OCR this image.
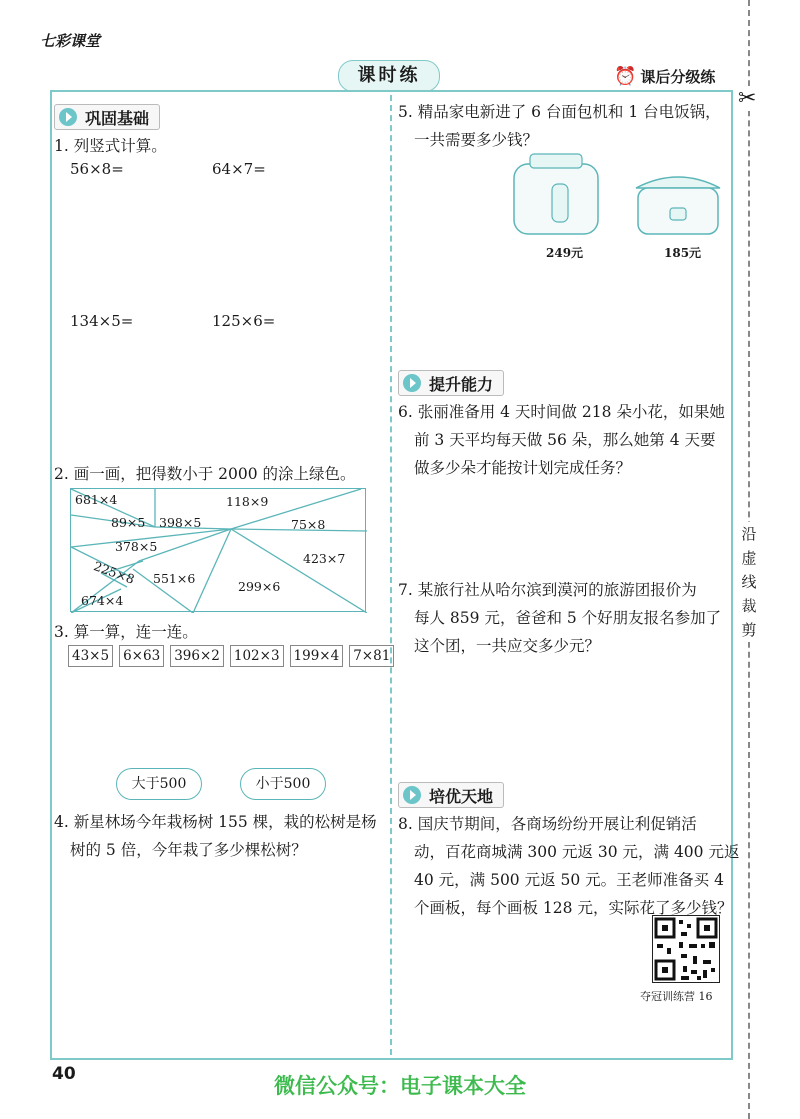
七彩课堂
课时练	⏰ 课后分级练
✂
沿
虚
线
裁
剪
巩固基础
1. 列竖式计算。
56×8=	64×7=
134×5=	125×6=
2. 画一画，把得数小于 2000 的涂上绿色。
681×4
89×5 398×5
118×9
75×8
378×5
423×7
225×8 551×6
299×6
674×4
3. 算一算，连一连。
43×5 6×63 396×2 102×3 199×4 7×81
大于500	小于500
4. 新星林场今年栽杨树 155 棵，栽的松树是杨
树的 5 倍，今年栽了多少棵松树？
5. 精品家电新进了 6 台面包机和 1 台电饭锅，
一共需要多少钱？
249元	185元
提升能力
6. 张丽准备用 4 天时间做 218 朵小花，如果她
前 3 天平均每天做 56 朵，那么她第 4 天要
做多少朵才能按计划完成任务？
7. 某旅行社从哈尔滨到漠河的旅游团报价为
每人 859 元，爸爸和 5 个好朋友报名参加了
这个团，一共应交多少元？
培优天地
8. 国庆节期间，各商场纷纷开展让利促销活
动，百花商城满 300 元返 30 元，满 400 元返
40 元，满 500 元返 50 元。王老师准备买 4
个画板，每个画板 128 元，实际花了多少钱？
夺冠训练营 16
40	微信公众号：电子课本大全
